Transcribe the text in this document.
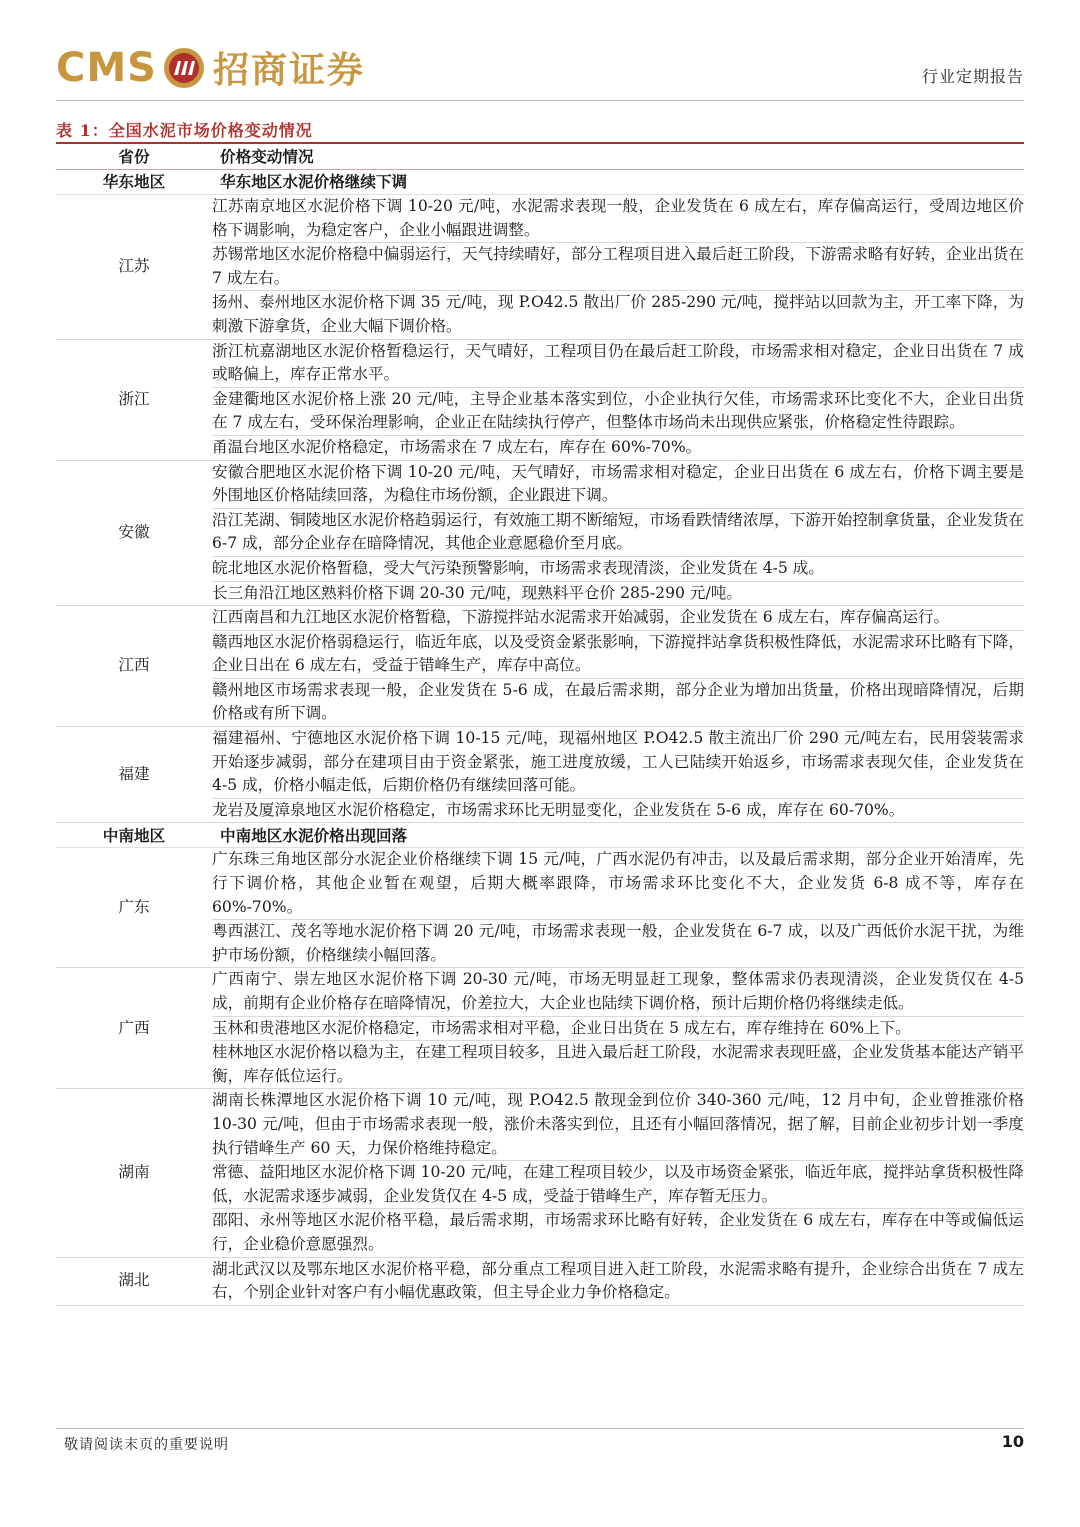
CMS 招商证券	行业定期报告
表 1：全国水泥市场价格变动情况
省份	价格变动情况
华东地区	华东地区水泥价格继续下调
江苏	江苏南京地区水泥价格下调 10-20 元/吨，水泥需求表现一般，企业发货在 6 成左右，库存偏高运行，受周边地区价格下调影响，为稳定客户，企业小幅跟进调整。
	苏锡常地区水泥价格稳中偏弱运行，天气持续晴好，部分工程项目进入最后赶工阶段，下游需求略有好转，企业出货在 7 成左右。
	扬州、泰州地区水泥价格下调 35 元/吨，现 P.O42.5 散出厂价 285-290 元/吨，搅拌站以回款为主，开工率下降，为刺激下游拿货，企业大幅下调价格。
浙江	浙江杭嘉湖地区水泥价格暂稳运行，天气晴好，工程项目仍在最后赶工阶段，市场需求相对稳定，企业日出货在 7 成或略偏上，库存正常水平。
	金建衢地区水泥价格上涨 20 元/吨，主导企业基本落实到位，小企业执行欠佳，市场需求环比变化不大，企业日出货在 7 成左右，受环保治理影响，企业正在陆续执行停产，但整体市场尚未出现供应紧张，价格稳定性待跟踪。
	甬温台地区水泥价格稳定，市场需求在 7 成左右，库存在 60%-70%。
安徽	安徽合肥地区水泥价格下调 10-20 元/吨，天气晴好，市场需求相对稳定，企业日出货在 6 成左右，价格下调主要是外围地区价格陆续回落，为稳住市场份额，企业跟进下调。
	沿江芜湖、铜陵地区水泥价格趋弱运行，有效施工期不断缩短，市场看跌情绪浓厚，下游开始控制拿货量，企业发货在 6-7 成，部分企业存在暗降情况，其他企业意愿稳价至月底。
	皖北地区水泥价格暂稳，受大气污染预警影响，市场需求表现清淡，企业发货在 4-5 成。
	长三角沿江地区熟料价格下调 20-30 元/吨，现熟料平仓价 285-290 元/吨。
江西	江西南昌和九江地区水泥价格暂稳，下游搅拌站水泥需求开始减弱，企业发货在 6 成左右，库存偏高运行。
	赣西地区水泥价格弱稳运行，临近年底，以及受资金紧张影响，下游搅拌站拿货积极性降低，水泥需求环比略有下降，企业日出在 6 成左右，受益于错峰生产，库存中高位。
	赣州地区市场需求表现一般，企业发货在 5-6 成，在最后需求期，部分企业为增加出货量，价格出现暗降情况，后期价格或有所下调。
福建	福建福州、宁德地区水泥价格下调 10-15 元/吨，现福州地区 P.O42.5 散主流出厂价 290 元/吨左右，民用袋装需求开始逐步减弱，部分在建项目由于资金紧张，施工进度放缓，工人已陆续开始返乡，市场需求表现欠佳，企业发货在 4-5 成，价格小幅走低，后期价格仍有继续回落可能。
	龙岩及厦漳泉地区水泥价格稳定，市场需求环比无明显变化，企业发货在 5-6 成，库存在 60-70%。
中南地区	中南地区水泥价格出现回落
广东	广东珠三角地区部分水泥企业价格继续下调 15 元/吨，广西水泥仍有冲击，以及最后需求期，部分企业开始清库，先行下调价格，其他企业暂在观望，后期大概率跟降，市场需求环比变化不大，企业发货 6-8 成不等，库存在 60%-70%。
	粤西湛江、茂名等地水泥价格下调 20 元/吨，市场需求表现一般，企业发货在 6-7 成，以及广西低价水泥干扰，为维护市场份额，价格继续小幅回落。
广西	广西南宁、崇左地区水泥价格下调 20-30 元/吨，市场无明显赶工现象，整体需求仍表现清淡，企业发货仅在 4-5 成，前期有企业价格存在暗降情况，价差拉大，大企业也陆续下调价格，预计后期价格仍将继续走低。
	玉林和贵港地区水泥价格稳定，市场需求相对平稳，企业日出货在 5 成左右，库存维持在 60%上下。
	桂林地区水泥价格以稳为主，在建工程项目较多，且进入最后赶工阶段，水泥需求表现旺盛，企业发货基本能达产销平衡，库存低位运行。
湖南	湖南长株潭地区水泥价格下调 10 元/吨，现 P.O42.5 散现金到位价 340-360 元/吨，12 月中旬，企业曾推涨价格 10-30 元/吨，但由于市场需求表现一般，涨价未落实到位，且还有小幅回落情况，据了解，目前企业初步计划一季度执行错峰生产 60 天，力保价格维持稳定。
	常德、益阳地区水泥价格下调 10-20 元/吨，在建工程项目较少，以及市场资金紧张，临近年底，搅拌站拿货积极性降低，水泥需求逐步减弱，企业发货仅在 4-5 成，受益于错峰生产，库存暂无压力。
	邵阳、永州等地区水泥价格平稳，最后需求期，市场需求环比略有好转，企业发货在 6 成左右，库存在中等或偏低运行，企业稳价意愿强烈。
湖北	湖北武汉以及鄂东地区水泥价格平稳，部分重点工程项目进入赶工阶段，水泥需求略有提升，企业综合出货在 7 成左右，个别企业针对客户有小幅优惠政策，但主导企业力争价格稳定。
敬请阅读末页的重要说明	10
